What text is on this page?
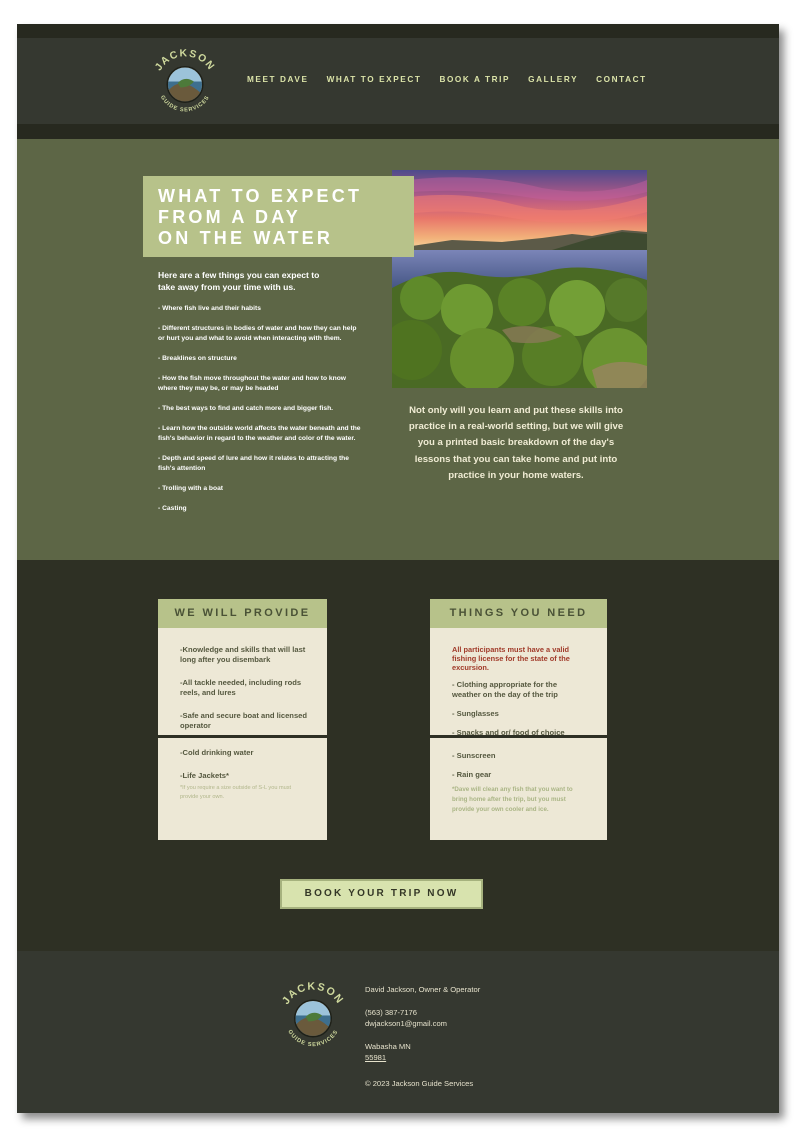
JACKSON
GUIDE SERVICES
MEET DAVE WHAT TO EXPECT BOOK A TRIP GALLERY CONTACT
WHAT TO EXPECT
FROM A DAY
ON THE WATER

Here are a few things you can expect to
take away from your time with us.

- Where fish live and their habits
- Different structures in bodies of water and how they can help or hurt you and what to avoid when interacting with them.
- Breaklines on structure
- How the fish move throughout the water and how to know where they may be, or may be headed
- The best ways to find and catch more and bigger fish.
- Learn how the outside world affects the water beneath and the fish's behavior in regard to the weather and color of the water.
- Depth and speed of lure and how it relates to attracting the fish's attention
- Trolling with a boat
- Casting

Not only will you learn and put these skills into practice in a real-world setting, but we will give you a printed basic breakdown of the day's lessons that you can take home and put into practice in your home waters.

WE WILL PROVIDE
-Knowledge and skills that will last long after you disembark
-All tackle needed, including rods reels, and lures
-Safe and secure boat and licensed operator
-Cold drinking water
-Life Jackets*
*If you require a size outside of S-L you must provide your own.
THINGS YOU NEED

All participants must have a valid fishing license for the state of the excursion.

- Clothing appropriate for the weather on the day of the trip
- Sunglasses
- Snacks and or/ food of choice
- Sunscreen
- Rain gear

*Dave will clean any fish that you want to bring home after the trip, but you must provide your own cooler and ice.

BOOK YOUR TRIP NOW
JACKSON
GUIDE SERVICES
David Jackson, Owner & Operator
(563) 387-7176
dwjackson1@gmail.com
Wabasha MN
55981
© 2023 Jackson Guide Services
